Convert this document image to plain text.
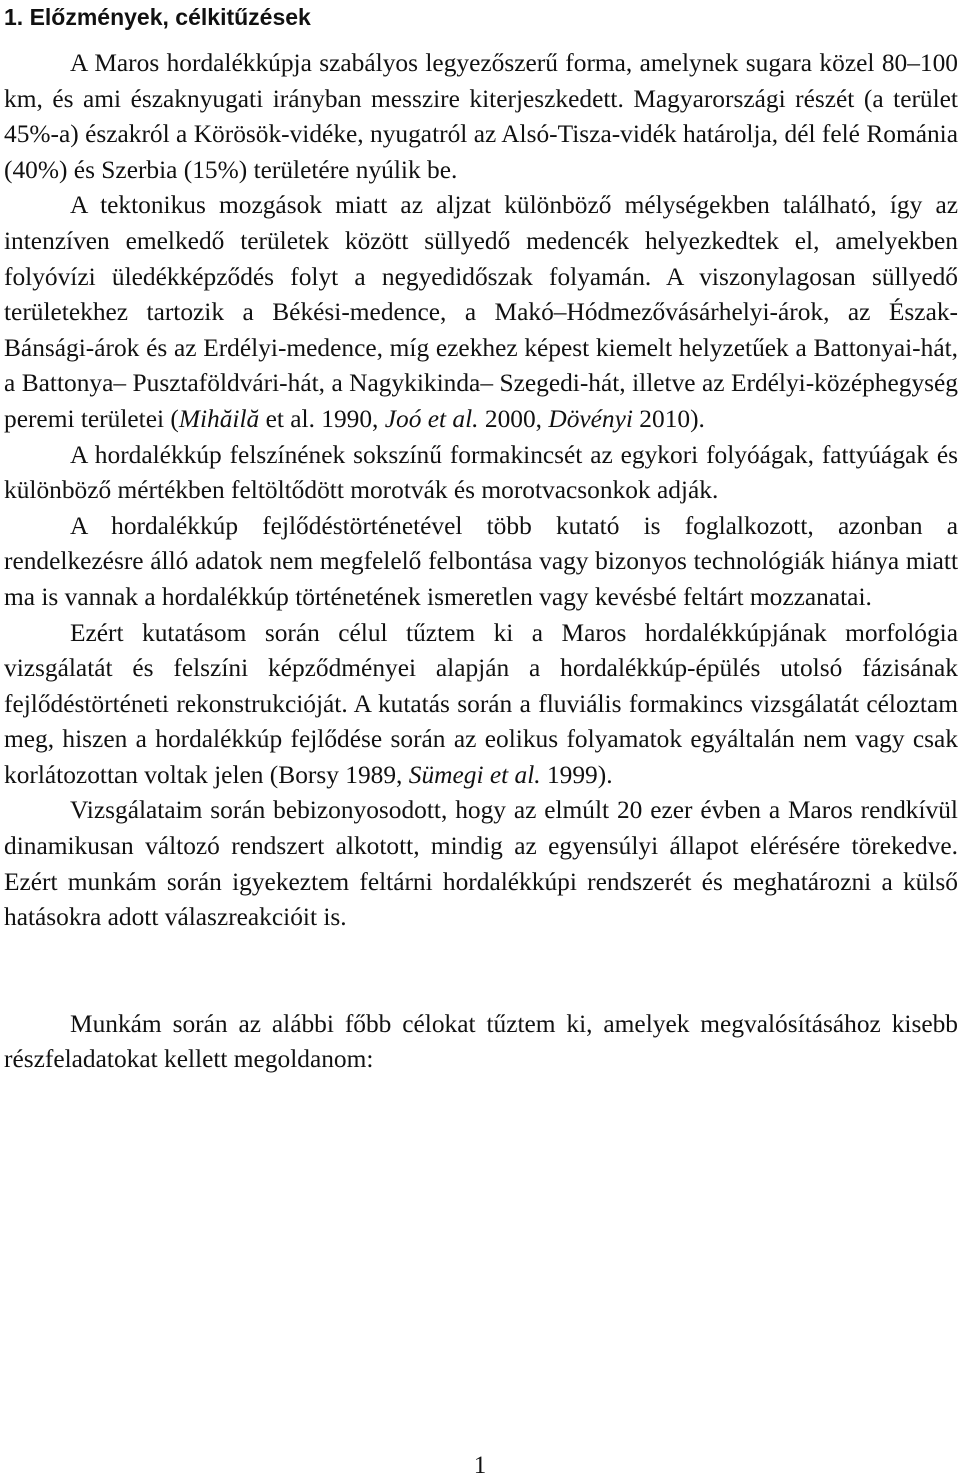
1. Előzmények, célkitűzések

A Maros hordalékkúpja szabályos legyezőszerű forma, amelynek sugara közel 80–100 km, és ami északnyugati irányban messzire kiterjeszkedett. Magyarországi részét (a terület 45%-a) északról a Körösök-vidéke, nyugatról az Alsó-Tisza-vidék határolja, dél felé Románia (40%) és Szerbia (15%) területére nyúlik be.

A tektonikus mozgások miatt az aljzat különböző mélységekben található, így az intenzíven emelkedő területek között süllyedő medencék helyezkedtek el, amelyekben folyóvízi üledékképződés folyt a negyedidőszak folyamán. A viszonylagosan süllyedő területekhez tartozik a Békési-medence, a Makó–Hódmezővásárhelyi-árok, az Észak-Bánsági-árok és az Erdélyi-medence, míg ezekhez képest kiemelt helyzetűek a Battonyai-hát, a Battonya– Pusztaföldvári-hát, a Nagykikinda– Szegedi-hát, illetve az Erdélyi-középhegység peremi területei (Mihăilă et al. 1990, Joó et al. 2000, Dövényi 2010).

A hordalékkúp felszínének sokszínű formakincsét az egykori folyóágak, fattyúágak és különböző mértékben feltöltődött morotvák és morotvacsonkok adják.

A hordalékkúp fejlődéstörténetével több kutató is foglalkozott, azonban a rendelkezésre álló adatok nem megfelelő felbontása vagy bizonyos technológiák hiánya miatt ma is vannak a hordalékkúp történetének ismeretlen vagy kevésbé feltárt mozzanatai.

Ezért kutatásom során célul tűztem ki a Maros hordalékkúpjának morfológia vizsgálatát és felszíni képződményei alapján a hordalékkúp-épülés utolsó fázisának fejlődéstörténeti rekonstrukcióját. A kutatás során a fluviális formakincs vizsgálatát céloztam meg, hiszen a hordalékkúp fejlődése során az eolikus folyamatok egyáltalán nem vagy csak korlátozottan voltak jelen (Borsy 1989, Sümegi et al. 1999).

Vizsgálataim során bebizonyosodott, hogy az elmúlt 20 ezer évben a Maros rendkívül dinamikusan változó rendszert alkotott, mindig az egyensúlyi állapot elérésére törekedve. Ezért munkám során igyekeztem feltárni hordalékkúpi rendszerét és meghatározni a külső hatásokra adott válaszreakcióit is.

Munkám során az alábbi főbb célokat tűztem ki, amelyek megvalósításához kisebb részfeladatokat kellett megoldanom:

1
